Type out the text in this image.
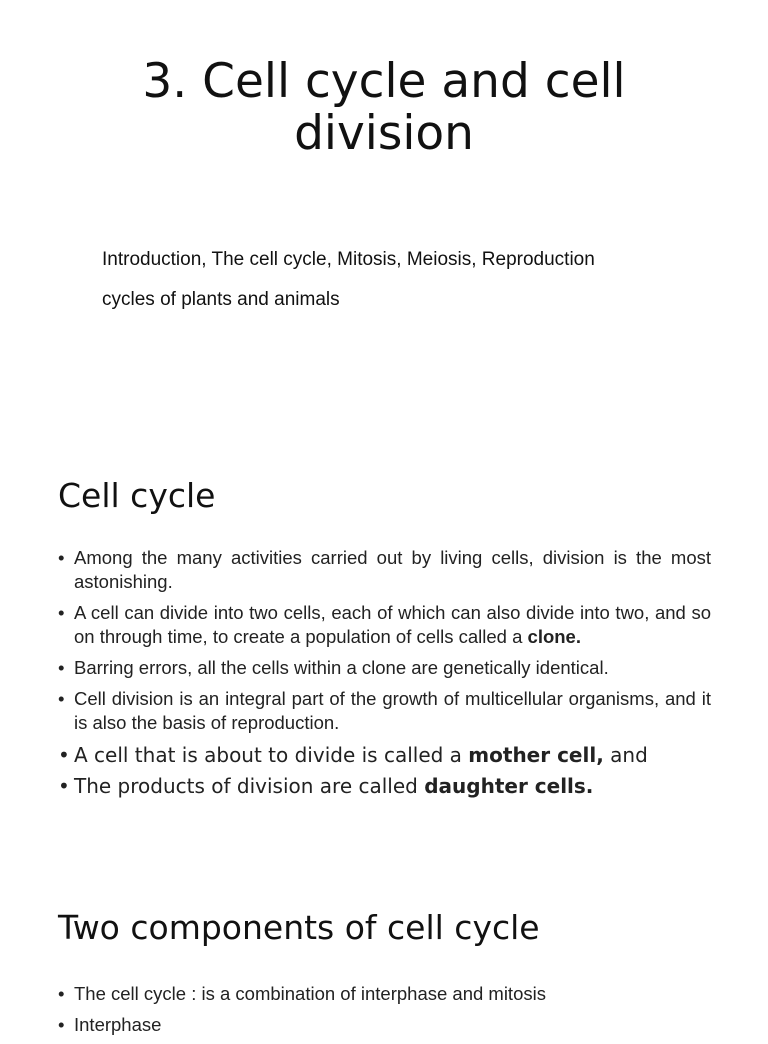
3. Cell cycle and cell division
Introduction, The cell cycle, Mitosis, Meiosis, Reproduction
cycles of plants and animals
Cell cycle
• Among the many activities carried out by living cells, division is the most astonishing.
• A cell can divide into two cells, each of which can also divide into two, and so on through time, to create a population of cells called a clone.
• Barring errors, all the cells within a clone are genetically identical.
• Cell division is an integral part of the growth of multicellular organisms, and it is also the basis of reproduction.
• A cell that is about to divide is called a mother cell, and
• The products of division are called daughter cells.
Two components of cell cycle
• The cell cycle : is a combination of interphase and mitosis
• Interphase
